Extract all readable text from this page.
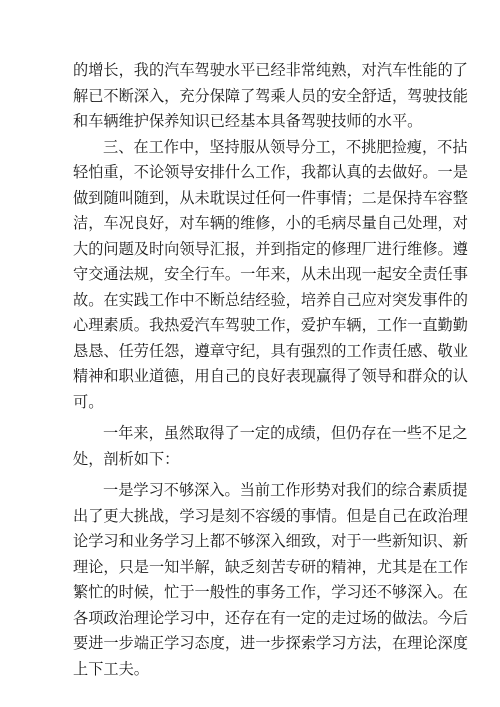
的增长，我的汽车驾驶水平已经非常纯熟，对汽车性能的了
解已不断深入，充分保障了驾乘人员的安全舒适，驾驶技能
和车辆维护保养知识已经基本具备驾驶技师的水平。
三、在工作中，坚持服从领导分工，不挑肥捡瘦，不拈
轻怕重，不论领导安排什么工作，我都认真的去做好。一是
做到随叫随到，从未耽误过任何一件事情；二是保持车容整
洁，车况良好，对车辆的维修，小的毛病尽量自己处理，对
大的问题及时向领导汇报，并到指定的修理厂进行维修。遵
守交通法规，安全行车。一年来，从未出现一起安全责任事
故。在实践工作中不断总结经验，培养自己应对突发事件的
心理素质。我热爱汽车驾驶工作，爱护车辆，工作一直勤勤
恳恳、任劳任怨，遵章守纪，具有强烈的工作责任感、敬业
精神和职业道德，用自己的良好表现赢得了领导和群众的认
可。
一年来，虽然取得了一定的成绩，但仍存在一些不足之
处，剖析如下：
一是学习不够深入。当前工作形势对我们的综合素质提
出了更大挑战，学习是刻不容缓的事情。但是自己在政治理
论学习和业务学习上都不够深入细致，对于一些新知识、新
理论，只是一知半解，缺乏刻苦专研的精神，尤其是在工作
繁忙的时候，忙于一般性的事务工作，学习还不够深入。在
各项政治理论学习中，还存在有一定的走过场的做法。今后
要进一步端正学习态度，进一步探索学习方法，在理论深度
上下工夫。
